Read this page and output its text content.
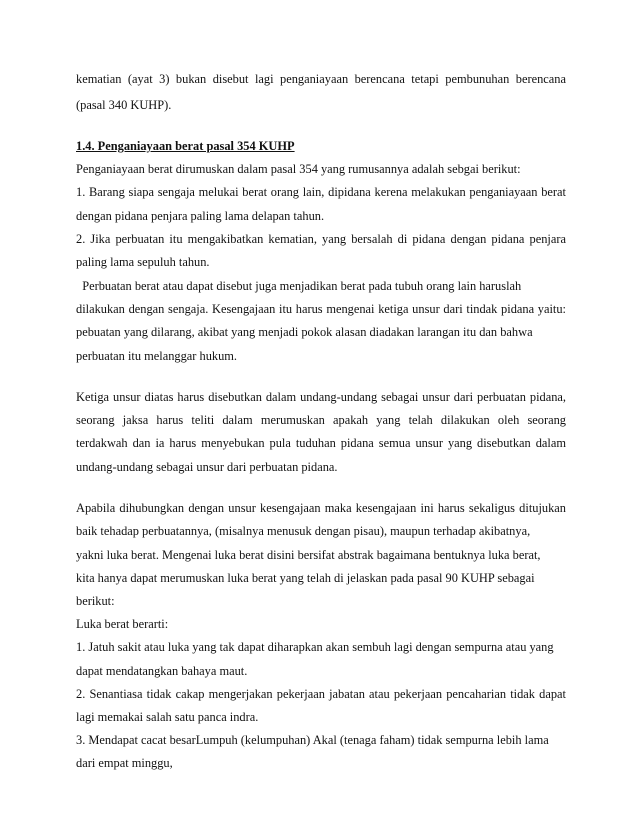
kematian (ayat 3) bukan disebut lagi penganiayaan berencana tetapi pembunuhan berencana
(pasal 340 KUHP).
1.4. Penganiayaan berat pasal 354 KUHP
Penganiayaan berat dirumuskan dalam pasal 354 yang rumusannya adalah sebgai berikut:
1. Barang siapa sengaja melukai berat orang lain, dipidana kerena melakukan penganiayaan berat
dengan pidana penjara paling lama delapan tahun.
2. Jika perbuatan itu mengakibatkan kematian, yang bersalah di pidana dengan pidana penjara
paling lama sepuluh tahun.
Perbuatan berat atau dapat disebut juga menjadikan berat pada tubuh orang lain haruslah
dilakukan dengan sengaja. Kesengajaan itu harus mengenai ketiga unsur dari tindak pidana yaitu:
pebuatan yang dilarang, akibat yang menjadi pokok alasan diadakan larangan itu dan bahwa
perbuatan itu melanggar hukum.
Ketiga unsur diatas harus disebutkan dalam undang-undang sebagai unsur dari perbuatan pidana,
seorang jaksa harus teliti dalam merumuskan apakah yang telah dilakukan oleh seorang
terdakwah dan ia harus menyebukan pula tuduhan pidana semua unsur yang disebutkan dalam
undang-undang sebagai unsur dari perbuatan pidana.
Apabila dihubungkan dengan unsur kesengajaan maka kesengajaan ini harus sekaligus ditujukan
baik tehadap perbuatannya, (misalnya menusuk dengan pisau), maupun terhadap akibatnya,
yakni luka berat. Mengenai luka berat disini bersifat abstrak bagaimana bentuknya luka berat,
kita hanya dapat merumuskan luka berat yang telah di jelaskan pada pasal 90 KUHP sebagai
berikut:
Luka berat berarti:
1. Jatuh sakit atau luka yang tak dapat diharapkan akan sembuh lagi dengan sempurna atau yang
dapat mendatangkan bahaya maut.
2. Senantiasa tidak cakap mengerjakan pekerjaan jabatan atau pekerjaan pencaharian tidak dapat
lagi memakai salah satu panca indra.
3. Mendapat cacat besarLumpuh (kelumpuhan) Akal (tenaga faham) tidak sempurna lebih lama
dari empat minggu,
